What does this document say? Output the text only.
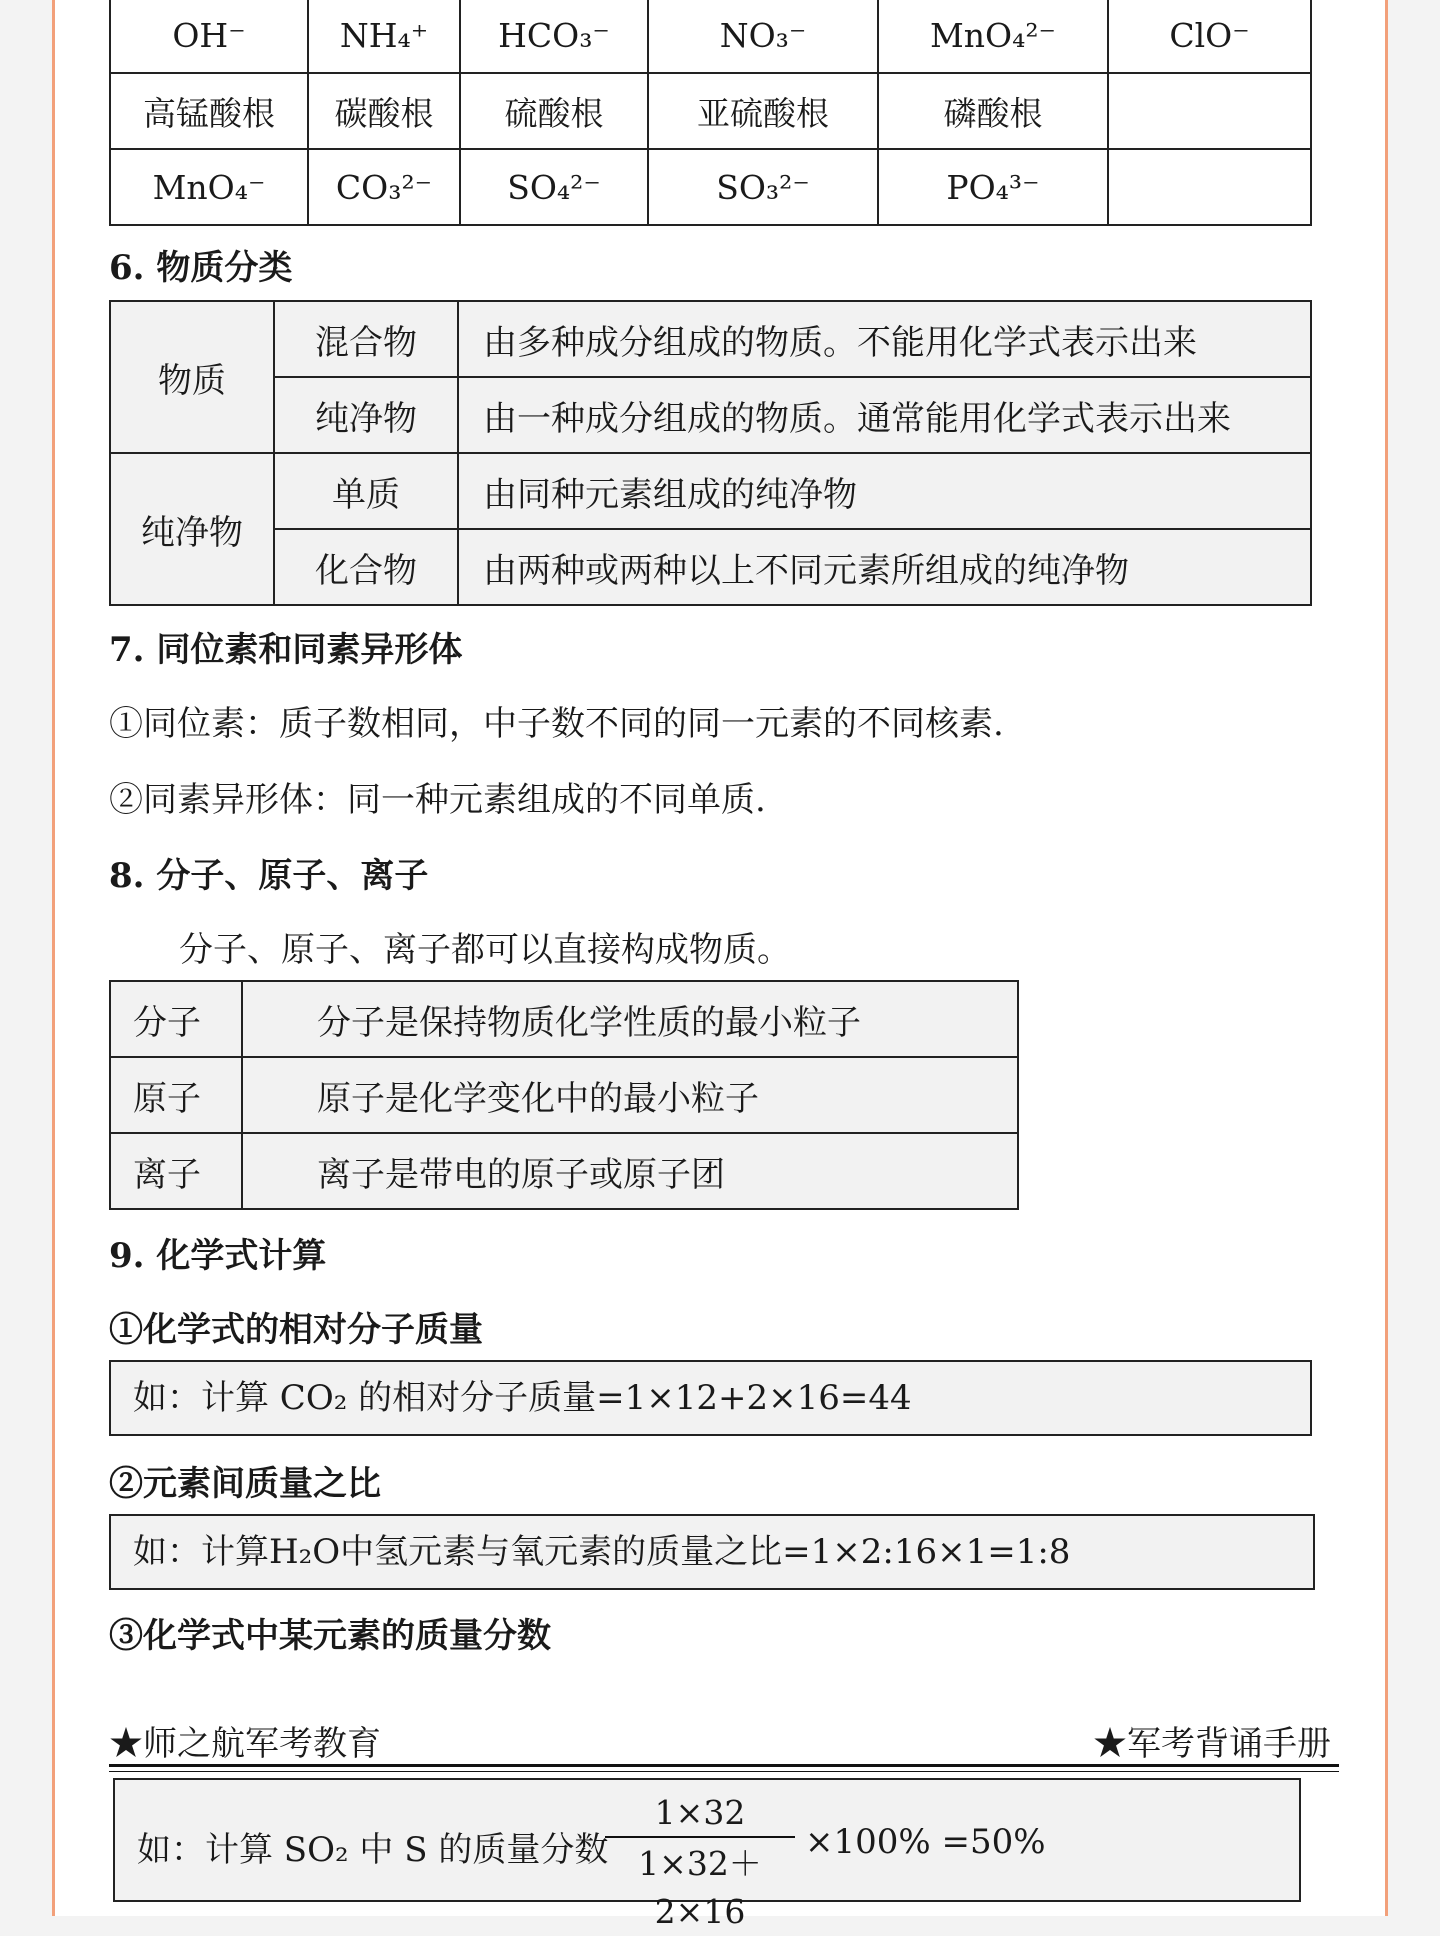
OH⁻	NH₄⁺	HCO₃⁻	NO₃⁻	MnO₄²⁻	ClO⁻
高锰酸根	碳酸根	硫酸根	亚硫酸根	磷酸根	
MnO₄⁻	CO₃²⁻	SO₄²⁻	SO₃²⁻	PO₄³⁻	
6. 物质分类
物质	混合物	由多种成分组成的物质。不能用化学式表示出来
	纯净物	由一种成分组成的物质。通常能用化学式表示出来
纯净物	单质	由同种元素组成的纯净物
	化合物	由两种或两种以上不同元素所组成的纯净物
7. 同位素和同素异形体
①同位素：质子数相同，中子数不同的同一元素的不同核素.
②同素异形体：同一种元素组成的不同单质.
8. 分子、原子、离子
分子、原子、离子都可以直接构成物质。
分子	分子是保持物质化学性质的最小粒子
原子	原子是化学变化中的最小粒子
离子	离子是带电的原子或原子团
9. 化学式计算
①化学式的相对分子质量
如：计算 CO₂ 的相对分子质量=1×12+2×16=44
②元素间质量之比
如：计算H₂O中氢元素与氧元素的质量之比=1×2:16×1=1:8
③化学式中某元素的质量分数
★师之航军考教育	★军考背诵手册
如：计算 SO₂ 中 S 的质量分数
1×32
1×32＋2×16
×100% =50%
